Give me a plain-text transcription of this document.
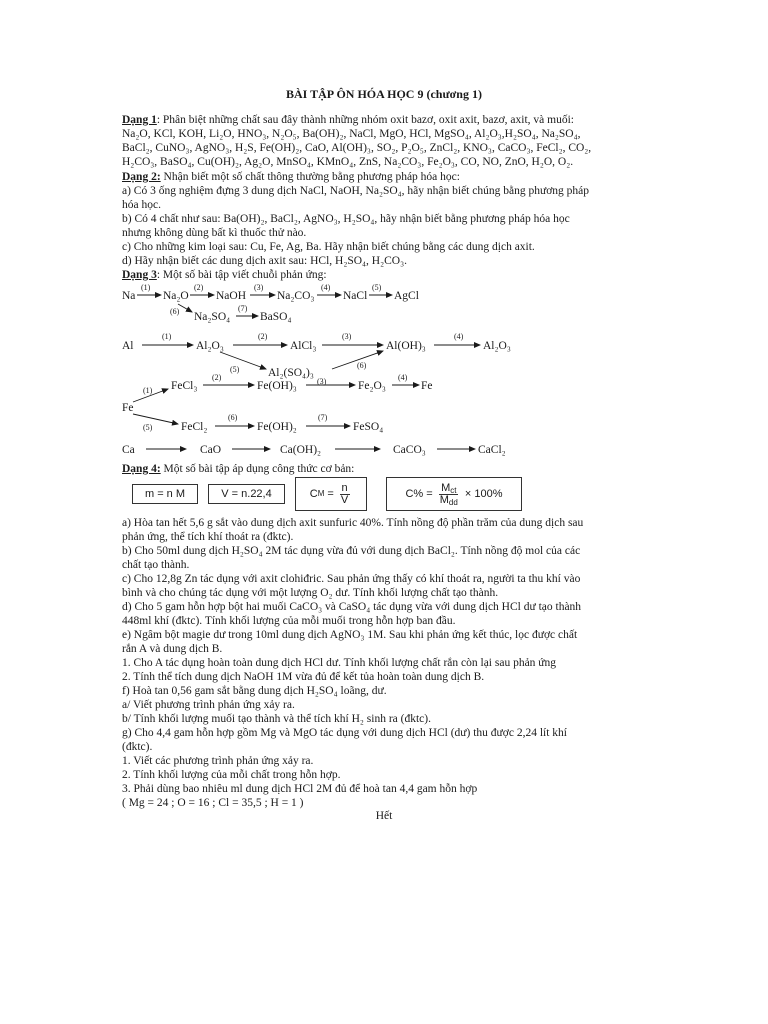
BÀI TẬP ÔN HÓA HỌC 9 (chương 1)
Dạng 1: Phân biệt những chất sau đây thành những nhóm oxit bazơ, oxit axit, bazơ, axit, và muối:
Na₂O, KCl, KOH, Li₂O, HNO₃, N₂O₅, Ba(OH)₂, NaCl, MgO, HCl, MgSO₄, Al₂O₃,H₂SO₄, Na₂SO₄,
BaCl₂, CuNO₃, AgNO₃, H₂S, Fe(OH)₂, CaO, Al(OH)₃, SO₂, P₂O₅, ZnCl₂, KNO₃, CaCO₃, FeCl₂, CO₂,
H₂CO₃, BaSO₄, Cu(OH)₂, Ag₂O, MnSO₄, KMnO₄, ZnS, Na₂CO₃, Fe₂O₃, CO, NO, ZnO, H₂O, O₂.
Dạng 2: Nhận biết một số chất thông thường bằng phương pháp hóa học:
a) Có 3 ống nghiệm đựng 3 dung dịch NaCl, NaOH, Na₂SO₄, hãy nhận biết chúng bằng phương pháp
hóa học.
b) Có 4 chất như sau: Ba(OH)₂, BaCl₂, AgNO₃, H₂SO₄, hãy nhận biết bằng phương pháp hóa học
nhưng không dùng bất kì thuốc thử nào.
c) Cho những kim loại sau: Cu, Fe, Ag, Ba. Hãy nhận biết chúng bằng các dung dịch axit.
d) Hãy nhận biết các dung dịch axit sau: HCl, H₂SO₄, H₂CO₃.
Dạng 3: Một số bài tập viết chuỗi phản ứng:
Na
(1)
Na₂O
(2)
NaOH
(3)
Na₂CO₃
(4)
NaCl
(5)
AgCl
(6) Na₂SO₄
(7)
BaSO₄
Al
(1)
Al₂O₃
(2)
AlCl₃
(3)
Al(OH)₃
(4)
Al₂O₃
(5) Al₂(SO₄)₃
(6)
Fe
(1) FeCl₃
(2)
Fe(OH)₃	(3)	Fe₂O₃
(4)
Fe
(5) FeCl₂
(6)
Fe(OH)₂
(7)
FeSO₄
Ca	CaO	Ca(OH)₂	CaCO₃	CaCl₂
Dạng 4: Một số bài tập áp dụng công thức cơ bản:
m = n M	V = n.22,4	C $M = \frac{n}{V}$	$C\% = \frac{M_{ct}}{M_{dd}} \times 100\%$
a) Hòa tan hết 5,6 g sắt vào dung dịch axit sunfuric 40%. Tính nồng độ phần trăm của dung dịch sau
phản ứng, thể tích khí thoát ra (đktc).
b) Cho 50ml dung dịch H₂SO₄ 2M tác dụng vừa đủ với dung dịch BaCl₂. Tính nồng độ mol của các
chất tạo thành.
c) Cho 12,8g Zn tác dụng với axit clohiđric. Sau phản ứng thấy có khí thoát ra, người ta thu khí vào
bình và cho chúng tác dụng với một lượng O₂ dư. Tính khối lượng chất tạo thành.
d) Cho 5 gam hỗn hợp bột hai muối CaCO₃ và CaSO₄ tác dụng vừa với dung dịch HCl dư tạo thành
448ml khí (đktc). Tính khối lượng của mỗi muối trong hỗn hợp ban đầu.
e) Ngâm bột magie dư trong 10ml dung dịch AgNO₃ 1M. Sau khi phản ứng kết thúc, lọc được chất
rắn A và dung dịch B.
1. Cho A tác dụng hoàn toàn dung dịch HCl dư. Tính khối lượng chất rắn còn lại sau phản ứng
2. Tính thể tích dung dịch NaOH 1M vừa đủ để kết tủa hoàn toàn dung dịch B.
f) Hoà tan 0,56 gam sắt bằng dung dịch H₂SO₄ loãng, dư.
a/ Viết phương trình phản ứng xảy ra.
b/ Tính khối lượng muối tạo thành và thể tích khí H₂ sinh ra (đktc).
g) Cho 4,4 gam hỗn hợp gồm Mg và MgO tác dụng với dung dịch HCl (dư) thu được 2,24 lít khí
(đktc).
1. Viết các phương trình phản ứng xảy ra.
2. Tính khối lượng của mỗi chất trong hỗn hợp.
3. Phải dùng bao nhiêu ml dung dịch HCl 2M đủ để hoà tan 4,4 gam hỗn hợp
( Mg = 24 ; O = 16 ; Cl = 35,5 ; H = 1 )
Hết
